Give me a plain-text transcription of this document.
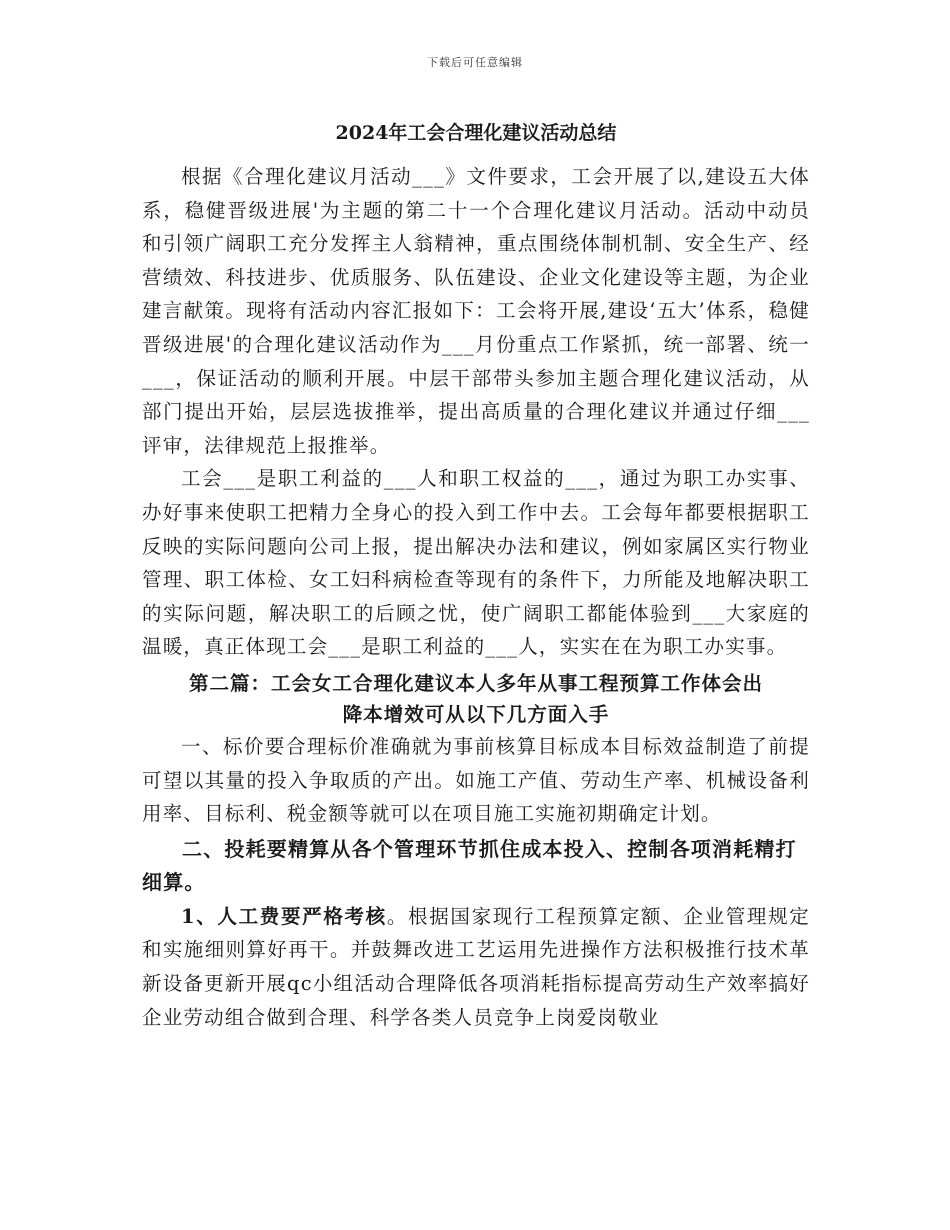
下载后可任意编辑
2024年工会合理化建议活动总结

根据《合理化建议月活动___》文件要求，工会开展了以,建设五大体系，稳健晋级进展'为主题的第二十一个合理化建议月活动。活动中动员和引领广阔职工充分发挥主人翁精神，重点围绕体制机制、安全生产、经营绩效、科技进步、优质服务、队伍建设、企业文化建设等主题，为企业建言献策。现将有活动内容汇报如下：工会将开展,建设‘五大’体系，稳健晋级进展'的合理化建议活动作为___月份重点工作紧抓，统一部署、统一___，保证活动的顺利开展。中层干部带头参加主题合理化建议活动，从部门提出开始，层层选拔推举，提出高质量的合理化建议并通过仔细___评审，法律规范上报推举。

工会___是职工利益的___人和职工权益的___，通过为职工办实事、办好事来使职工把精力全身心的投入到工作中去。工会每年都要根据职工反映的实际问题向公司上报，提出解决办法和建议，例如家属区实行物业管理、职工体检、女工妇科病检查等现有的条件下，力所能及地解决职工的实际问题，解决职工的后顾之忧，使广阔职工都能体验到___大家庭的温暖，真正体现工会___是职工利益的___人，实实在在为职工办实事。

第二篇：工会女工合理化建议本人多年从事工程预算工作体会出
降本增效可从以下几方面入手

一、标价要合理标价准确就为事前核算目标成本目标效益制造了前提可望以其量的投入争取质的产出。如施工产值、劳动生产率、机械设备利用率、目标利、税金额等就可以在项目施工实施初期确定计划。

二、投耗要精算从各个管理环节抓住成本投入、控制各项消耗精打细算。

1、人工费要严格考核。根据国家现行工程预算定额、企业管理规定和实施细则算好再干。并鼓舞改进工艺运用先进操作方法积极推行技术革新设备更新开展qc小组活动合理降低各项消耗指标提高劳动生产效率搞好企业劳动组合做到合理、科学各类人员竞争上岗爱岗敬业
